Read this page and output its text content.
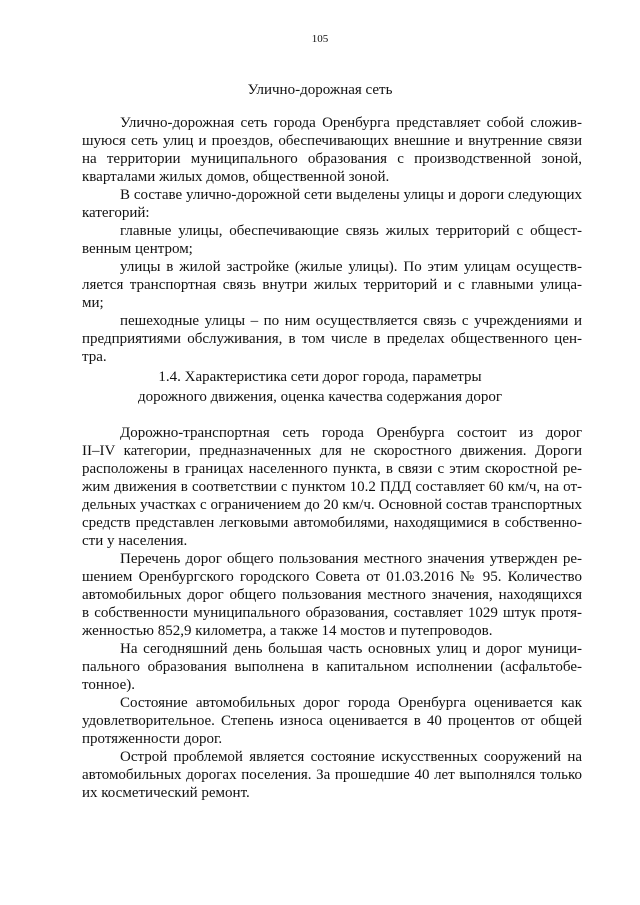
105
Улично-дорожная сеть
Улично-дорожная сеть города Оренбурга представляет собой сложив-
шуюся сеть улиц и проездов, обеспечивающих внешние и внутренние связи
на территории муниципального образования с производственной зоной,
кварталами жилых домов, общественной зоной.
В составе улично-дорожной сети выделены улицы и дороги следующих
категорий:
главные улицы, обеспечивающие связь жилых территорий с общест-
венным центром;
улицы в жилой застройке (жилые улицы). По этим улицам осуществ-
ляется транспортная связь внутри жилых территорий и с главными улица-
ми;
пешеходные улицы – по ним осуществляется связь с учреждениями и
предприятиями обслуживания, в том числе в пределах общественного цен-
тра.
1.4. Характеристика сети дорог города, параметры
дорожного движения, оценка качества содержания дорог
Дорожно-транспортная сеть города Оренбурга состоит из дорог
II–IV категории, предназначенных для не скоростного движения. Дороги
расположены в границах населенного пункта, в связи с этим скоростной ре-
жим движения в соответствии с пунктом 10.2 ПДД составляет 60 км/ч, на от-
дельных участках с ограничением до 20 км/ч. Основной состав транспортных
средств представлен легковыми автомобилями, находящимися в собственно-
сти у населения.
Перечень дорог общего пользования местного значения утвержден ре-
шением Оренбургского городского Совета от 01.03.2016 № 95. Количество
автомобильных дорог общего пользования местного значения, находящихся
в собственности муниципального образования, составляет 1029 штук протя-
женностью 852,9 километра, а также 14 мостов и путепроводов.
На сегодняшний день большая часть основных улиц и дорог муници-
пального образования выполнена в капитальном исполнении (асфальтобе-
тонное).
Состояние автомобильных дорог города Оренбурга оценивается как
удовлетворительное. Степень износа оценивается в 40 процентов от общей
протяженности дорог.
Острой проблемой является состояние искусственных сооружений на
автомобильных дорогах поселения. За прошедшие 40 лет выполнялся только
их косметический ремонт.
